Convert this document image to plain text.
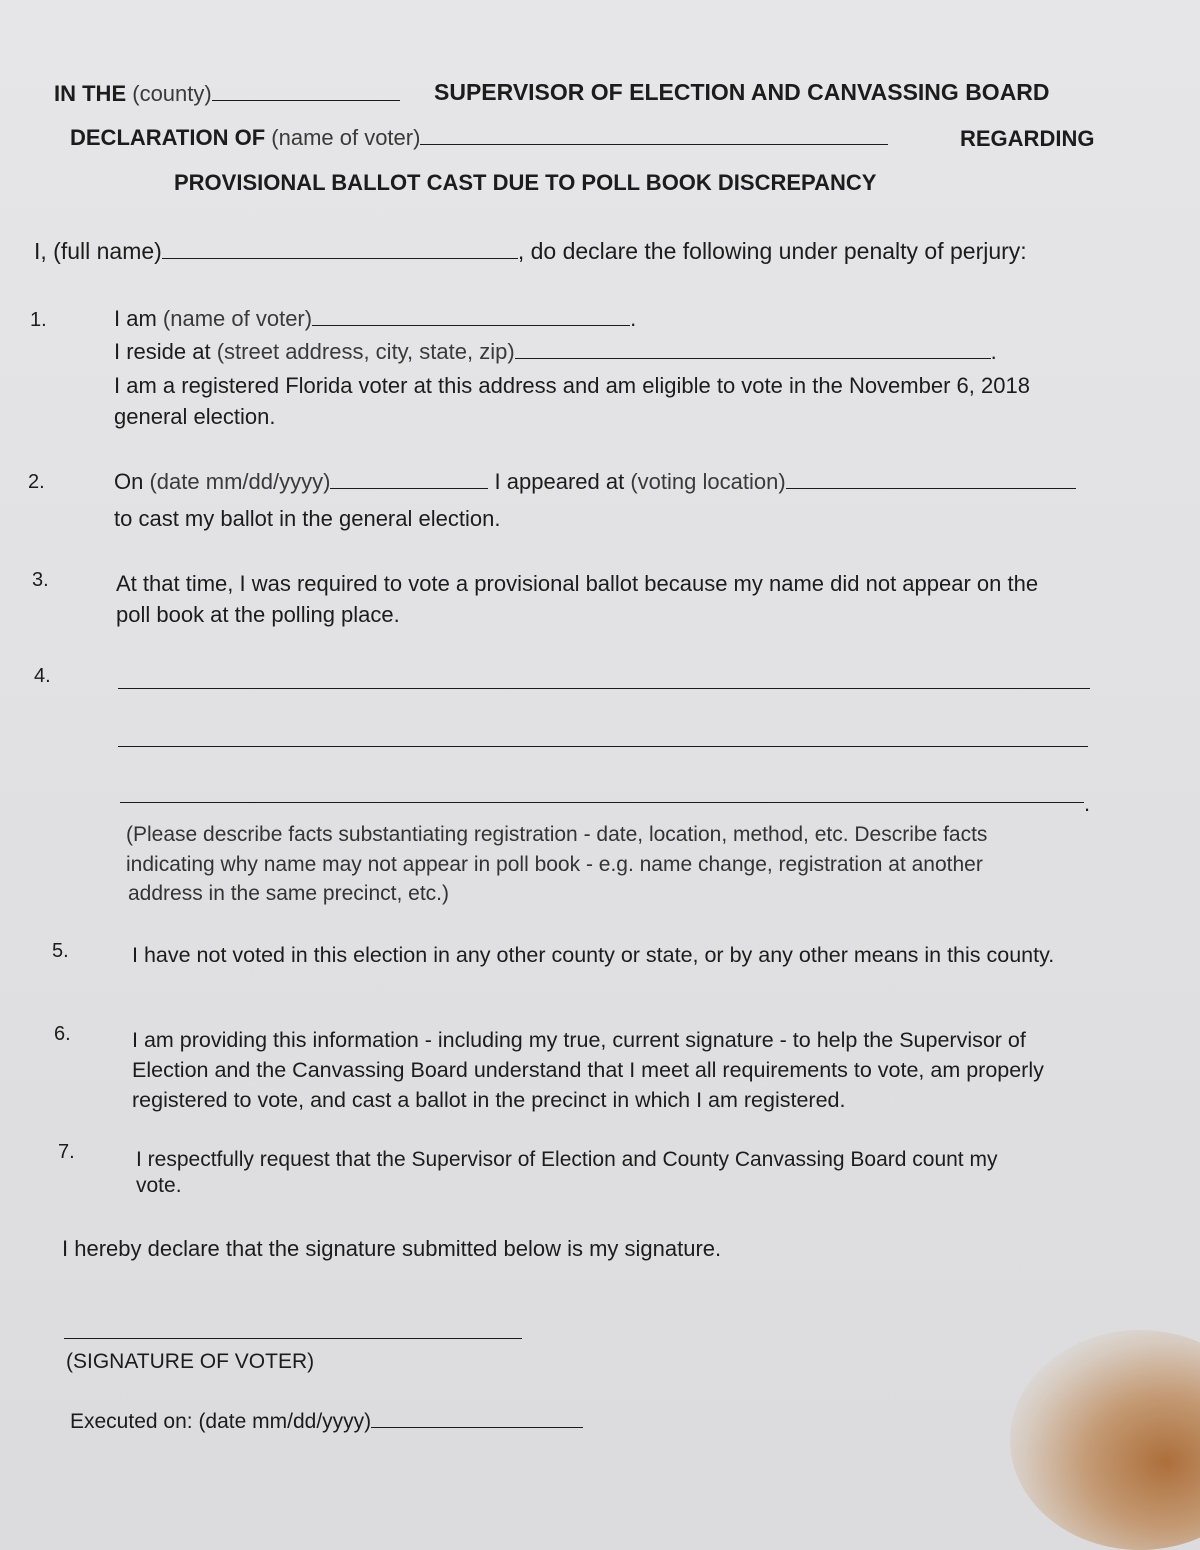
IN THE (county)	SUPERVISOR OF ELECTION AND CANVASSING BOARD
DECLARATION OF (name of voter)	REGARDING
PROVISIONAL BALLOT CAST DUE TO POLL BOOK DISCREPANCY
I, (full name)	, do declare the following under penalty of perjury:
1.	I am (name of voter)	.
I reside at (street address, city, state, zip)	.
I am a registered Florida voter at this address and am eligible to vote in the November 6, 2018
general election.
2.	On (date mm/dd/yyyy)	I appeared at (voting location)
to cast my ballot in the general election.
3.	At that time, I was required to vote a provisional ballot because my name did not appear on the
poll book at the polling place.
4.
.
(Please describe facts substantiating registration - date, location, method, etc. Describe facts
indicating why name may not appear in poll book - e.g. name change, registration at another
address in the same precinct, etc.)
5.	I have not voted in this election in any other county or state, or by any other means in this county.
6.	I am providing this information - including my true, current signature - to help the Supervisor of
Election and the Canvassing Board understand that I meet all requirements to vote, am properly
registered to vote, and cast a ballot in the precinct in which I am registered.
7.	I respectfully request that the Supervisor of Election and County Canvassing Board count my
vote.
I hereby declare that the signature submitted below is my signature.
(SIGNATURE OF VOTER)
Executed on: (date mm/dd/yyyy)
